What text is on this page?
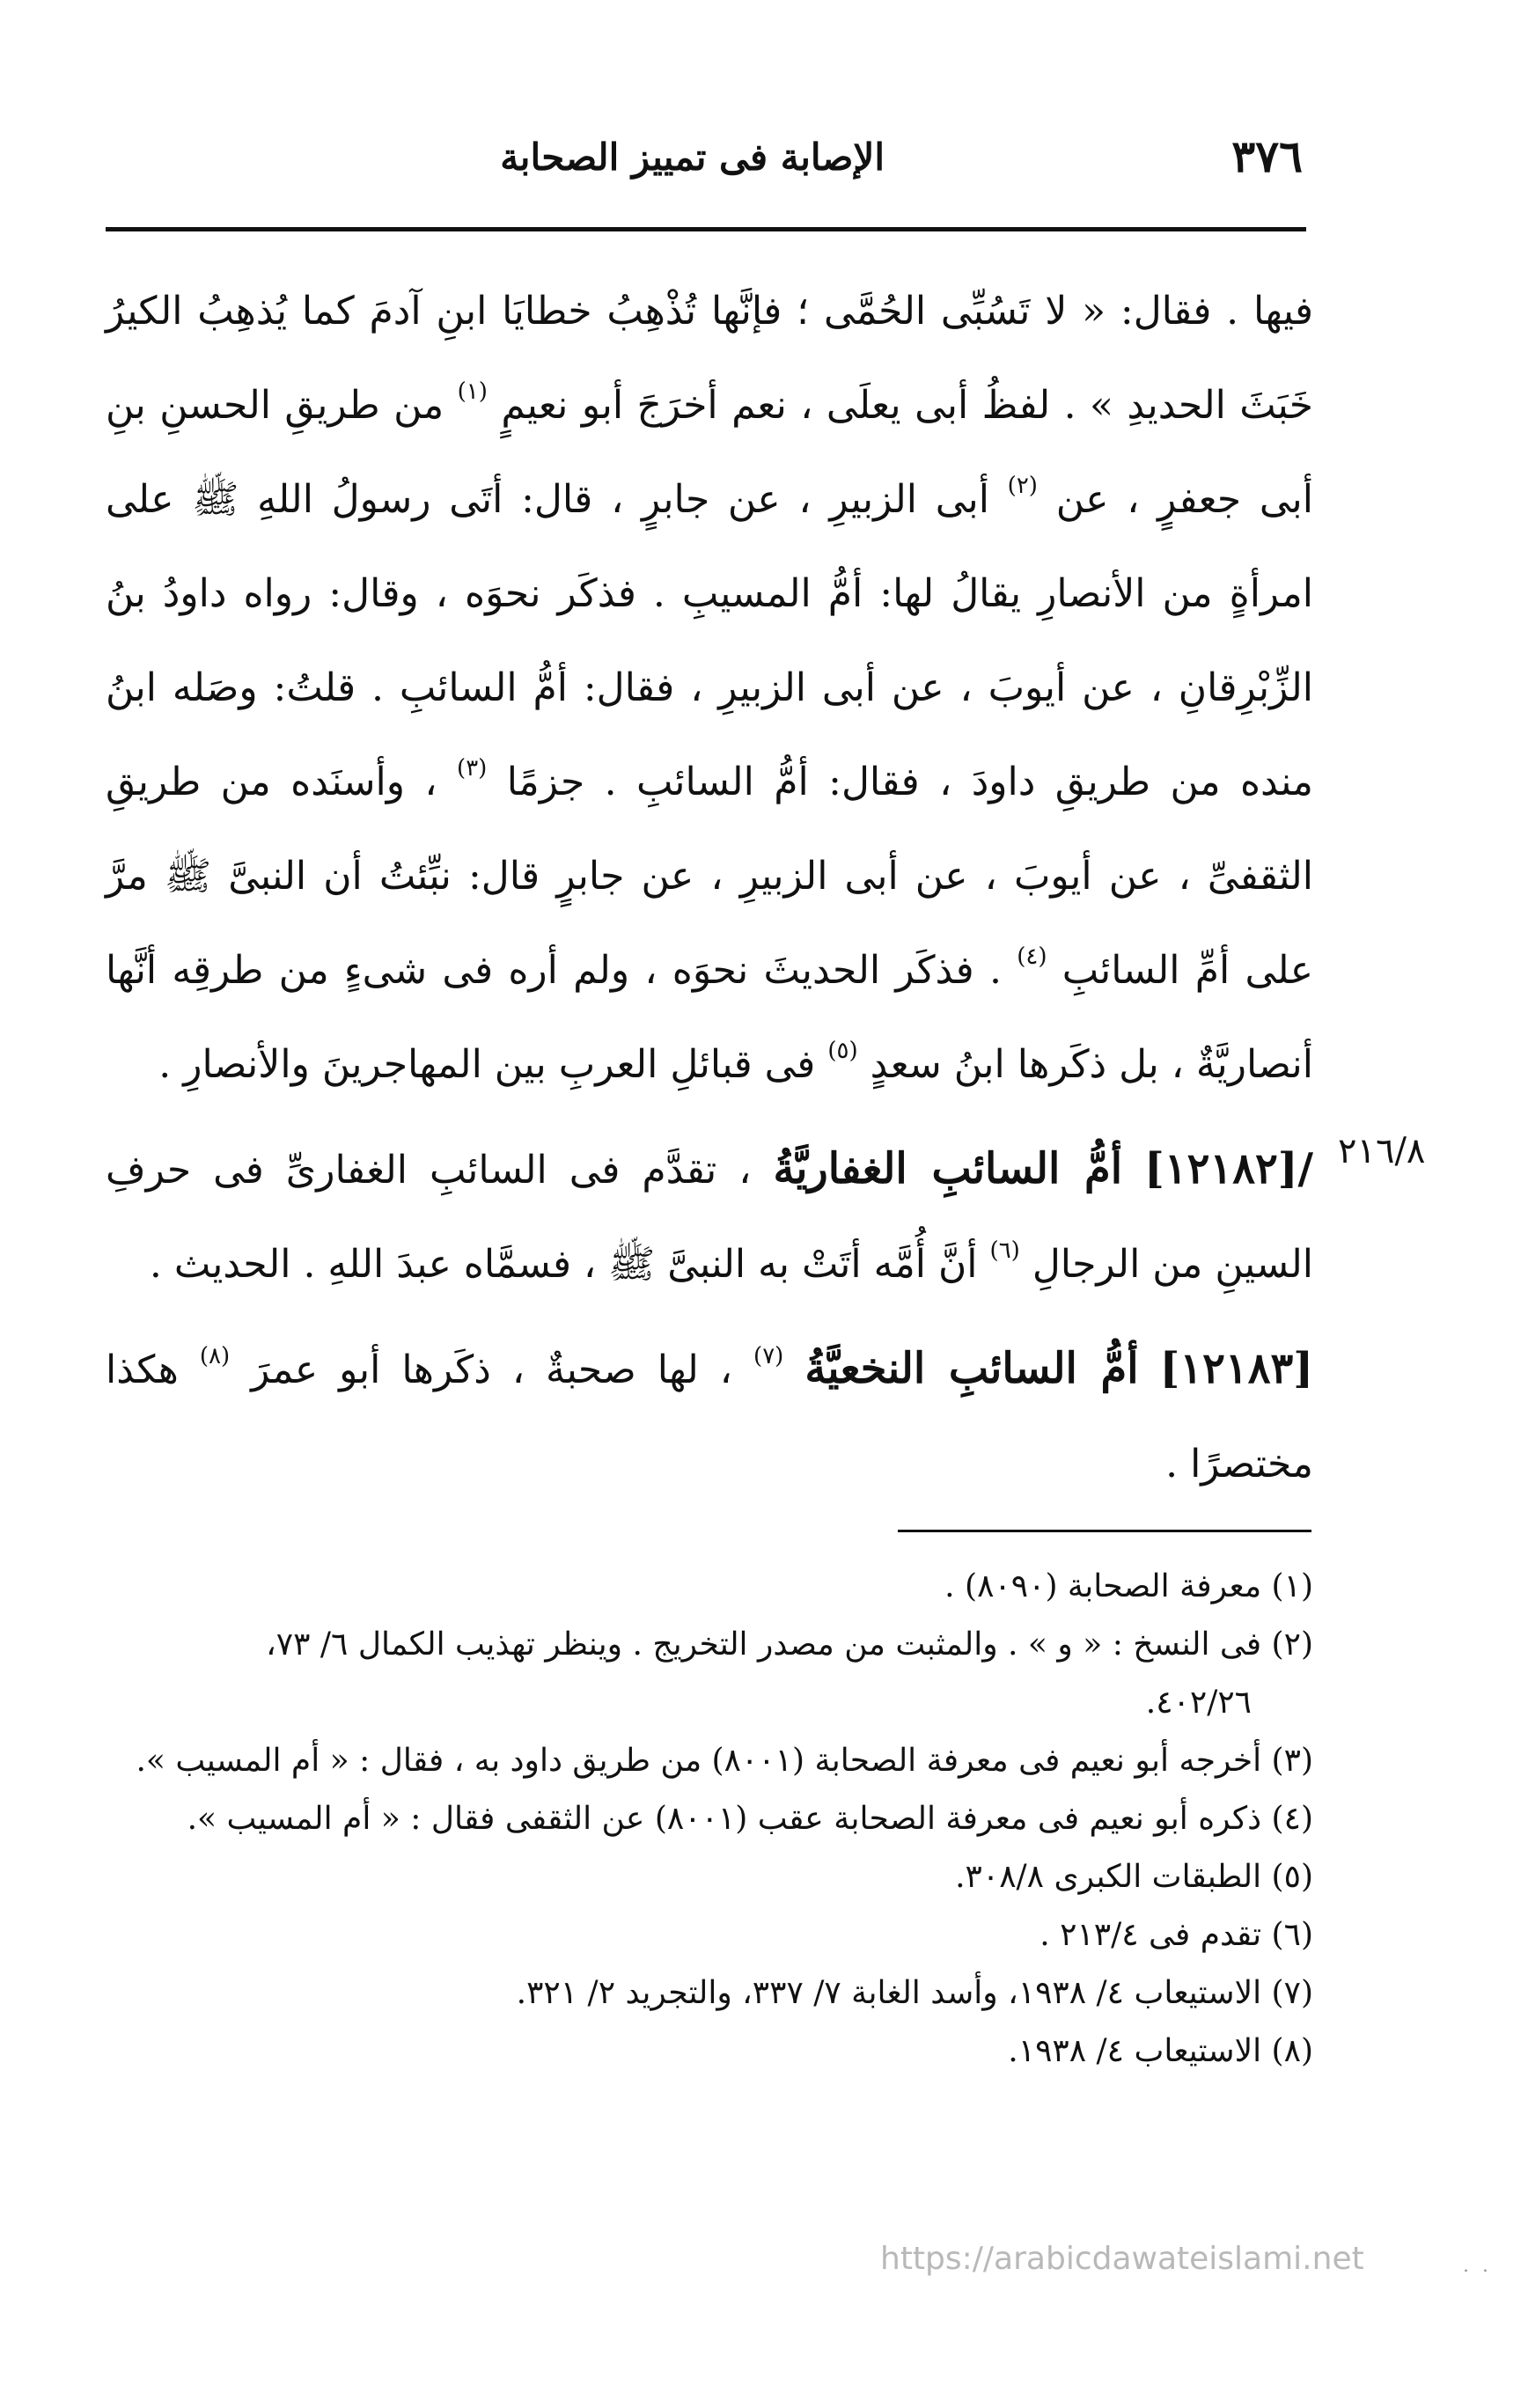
٣٧٦
الإصابة فى تمييز الصحابة

فيها . فقال: « لا تَسُبِّى الحُمَّى ؛ فإنَّها تُذْهِبُ خطايَا ابنِ آدمَ كما يُذهِبُ الكيرُ خَبَثَ الحديدِ » . لفظُ أبى يعلَى ، نعم أخرَجَ أبو نعيمٍ $^{(١)}$ من طريقِ الحسنِ بنِ أبى جعفرٍ ، عن $^{(٢)}$ أبى الزبيرِ ، عن جابرٍ ، قال: أتَى رسولُ اللهِ ﷺ على امرأةٍ من الأنصارِ يقالُ لها: أمُّ المسيبِ . فذكَر نحوَه ، وقال: رواه داودُ بنُ الزِّبْرِقانِ ، عن أيوبَ ، عن أبى الزبيرِ ، فقال: أمُّ السائبِ . قلتُ: وصَله ابنُ منده من طريقِ داودَ ، فقال: أمُّ السائبِ . جزمًا $^{(٣)}$ ، وأسنَده من طريقِ الثقفىِّ ، عن أيوبَ ، عن أبى الزبيرِ ، عن جابرٍ قال: نبِّئتُ أن النبىَّ ﷺ مرَّ على أمِّ السائبِ $^{(٤)}$ . فذكَر الحديثَ نحوَه ، ولم أره فى شىءٍ من طرقِه أنَّها أنصاريَّةٌ ، بل ذكَرها ابنُ سعدٍ $^{(٥)}$ فى قبائلِ العربِ بين المهاجرينَ والأنصارِ .

/[١٢١٨٢] أمُّ السائبِ الغفاريَّةُ ، تقدَّم فى السائبِ الغفارىِّ فى حرفِ السينِ من الرجالِ $^{(٦)}$ أنَّ أُمَّه أتَتْ به النبىَّ ﷺ ، فسمَّاه عبدَ اللهِ . الحديث .

[١٢١٨٣] أمُّ السائبِ النخعيَّةُ $^{(٧)}$ ، لها صحبةٌ ، ذكَرها أبو عمرَ $^{(٨)}$ هكذا مختصرًا .

٢١٦/٨

(١) معرفة الصحابة (٨٠٩٠) .

(٢) فى النسخ : « و » . والمثبت من مصدر التخريج . وينظر تهذيب الكمال ٦/ ٧٣،

٤٠٢/٢٦.

(٣) أخرجه أبو نعيم فى معرفة الصحابة (٨٠٠١) من طريق داود به ، فقال : « أم المسيب ».

(٤) ذكره أبو نعيم فى معرفة الصحابة عقب (٨٠٠١) عن الثقفى فقال : « أم المسيب ».

(٥) الطبقات الكبرى ٣٠٨/٨.

(٦) تقدم فى ٢١٣/٤ .

(٧) الاستيعاب ٤/ ١٩٣٨، وأسد الغابة ٧/ ٣٣٧، والتجريد ٢/ ٣٢١.

(٨) الاستيعاب ٤/ ١٩٣٨.

https://arabicdawateislami.net	. .
